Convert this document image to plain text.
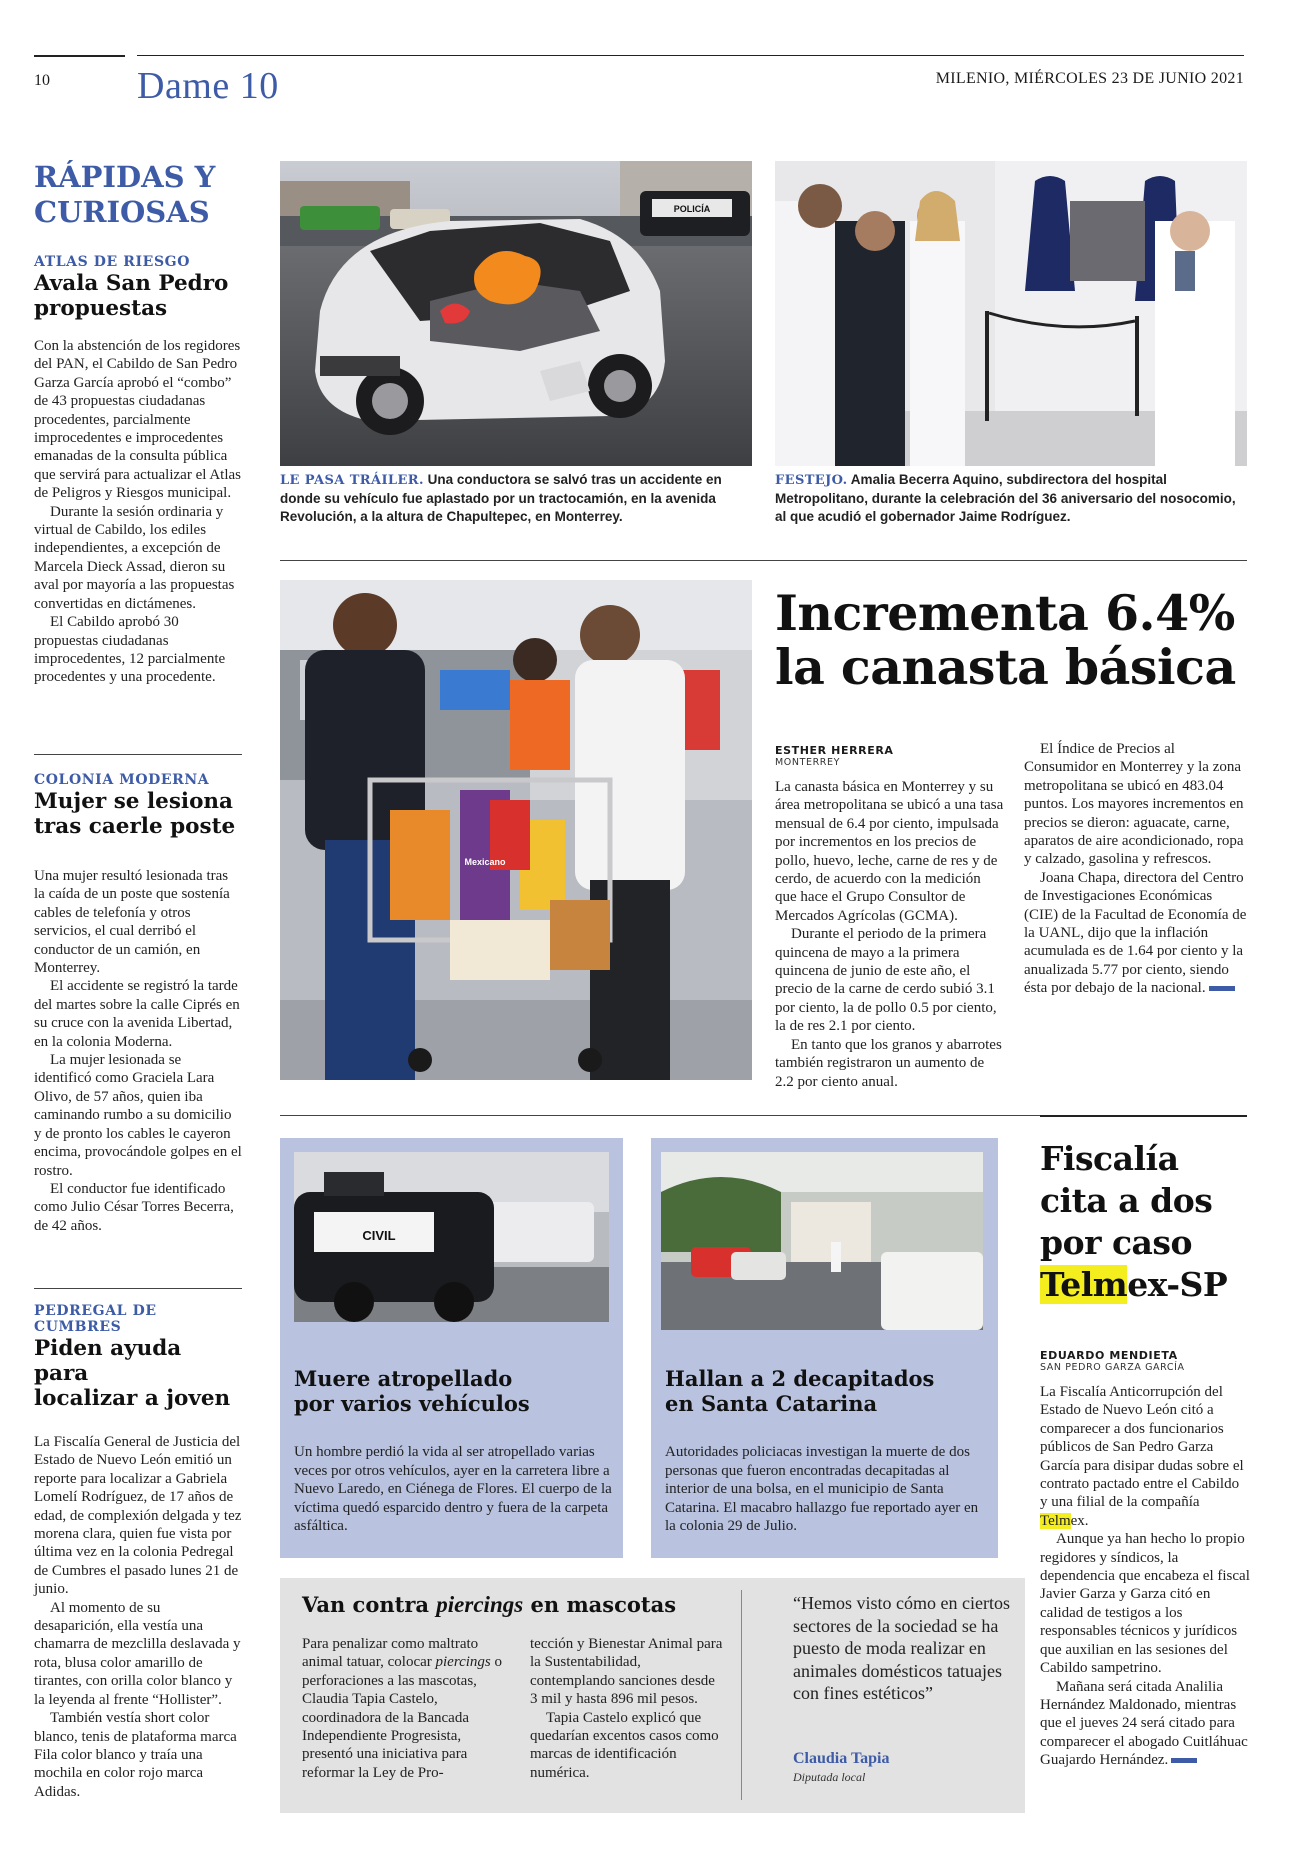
10 Dame 10	MILENIO, MIÉRCOLES 23 DE JUNIO 2021
RÁPIDAS Y
CURIOSAS
ATLAS DE RIESGO
Avala San Pedro
propuestas

Con la abstención de los regidores del PAN, el Cabildo de San Pedro Garza García aprobó el “combo” de 43 propuestas ciudadanas procedentes, parcialmente improcedentes e improcedentes emanadas de la consulta pública que servirá para actualizar el Atlas de Peligros y Riesgos municipal.

Durante la sesión ordinaria y virtual de Cabildo, los ediles independientes, a excepción de Marcela Dieck Assad, dieron su aval por mayoría a las propuestas convertidas en dictámenes.

El Cabildo aprobó 30 propuestas ciudadanas improcedentes, 12 parcialmente procedentes y una procedente.

COLONIA MODERNA
Mujer se lesiona
tras caerle poste

Una mujer resultó lesionada tras la caída de un poste que sostenía cables de telefonía y otros servicios, el cual derribó el conductor de un camión, en Monterrey.

El accidente se registró la tarde del martes sobre la calle Ciprés en su cruce con la avenida Libertad, en la colonia Moderna.

La mujer lesionada se identificó como Graciela Lara Olivo, de 57 años, quien iba caminando rumbo a su domicilio y de pronto los cables le cayeron encima, provocándole golpes en el rostro.

El conductor fue identificado como Julio César Torres Becerra, de 42 años.

PEDREGAL DE CUMBRES
Piden ayuda para
localizar a joven

La Fiscalía General de Justicia del Estado de Nuevo León emitió un reporte para localizar a Gabriela Lomelí Rodríguez, de 17 años de edad, de complexión delgada y tez morena clara, quien fue vista por última vez en la colonia Pedregal de Cumbres el pasado lunes 21 de junio.

Al momento de su desaparición, ella vestía una chamarra de mezclilla deslavada y rota, blusa color amarillo de tirantes, con orilla color blanco y la leyenda al frente “Hollister”.

También vestía short color blanco, tenis de plataforma marca Fila color blanco y traía una mochila en color rojo marca Adidas.

POLICÍA
LE PASA TRÁILER. Una conductora se salvó tras un accidente en donde su vehículo fue aplastado por un tractocamión, en la avenida Revolución, a la altura de Chapultepec, en Monterrey.
FESTEJO. Amalia Becerra Aquino, subdirectora del hospital Metropolitano, durante la celebración del 36 aniversario del nosocomio, al que acudió el gobernador Jaime Rodríguez.
Mexicano
Incrementa 6.4%
la canasta básica
ESTHER HERRERA
MONTERREY

La canasta básica en Monterrey y su área metropolitana se ubicó a una tasa mensual de 6.4 por ciento, impulsada por incrementos en los precios de pollo, huevo, leche, carne de res y de cerdo, de acuerdo con la medición que hace el Grupo Consultor de Mercados Agrícolas (GCMA).

Durante el periodo de la primera quincena de mayo a la primera quincena de junio de este año, el precio de la carne de cerdo subió 3.1 por ciento, la de pollo 0.5 por ciento, la de res 2.1 por ciento.

En tanto que los granos y abarrotes también registraron un aumento de 2.2 por ciento anual.

El Índice de Precios al Consumidor en Monterrey y la zona metropolitana se ubicó en 483.04 puntos. Los mayores incrementos en precios se dieron: aguacate, carne, aparatos de aire acondicionado, ropa y calzado, gasolina y refrescos.

Joana Chapa, directora del Centro de Investigaciones Económicas (CIE) de la Facultad de Economía de la UANL, dijo que la inflación acumulada es de 1.64 por ciento y la anualizada 5.77 por ciento, siendo ésta por debajo de la nacional.

CIVIL
Muere atropellado
por varios vehículos
Un hombre perdió la vida al ser atropellado varias veces por otros vehículos, ayer en la carretera libre a Nuevo Laredo, en Ciénega de Flores. El cuerpo de la víctima quedó esparcido dentro y fuera de la carpeta asfáltica.
Hallan a 2 decapitados
en Santa Catarina
Autoridades policiacas investigan la muerte de dos personas que fueron encontradas decapitadas al interior de una bolsa, en el municipio de Santa Catarina. El macabro hallazgo fue reportado ayer en la colonia 29 de Julio.
Fiscalía
cita a dos
por caso
Telmex-SP
EDUARDO MENDIETA
SAN PEDRO GARZA GARCÍA

La Fiscalía Anticorrupción del Estado de Nuevo León citó a comparecer a dos funcionarios públicos de San Pedro Garza García para disipar dudas sobre el contrato pactado entre el Cabildo y una filial de la compañía Telmex.

Aunque ya han hecho lo propio regidores y síndicos, la dependencia que encabeza el fiscal Javier Garza y Garza citó en calidad de testigos a los responsables técnicos y jurídicos que auxilian en las sesiones del Cabildo sampetrino.

Mañana será citada Analilia Hernández Maldonado, mientras que el jueves 24 será citado para comparecer el abogado Cuitláhuac Guajardo Hernández.

Van contra piercings en mascotas

Para penalizar como maltrato animal tatuar, colocar piercings o perforaciones a las mascotas, Claudia Tapia Castelo, coordinadora de la Bancada Independiente Progresista, presentó una iniciativa para reformar la Ley de Pro-

tección y Bienestar Animal para la Sustentabilidad, contemplando sanciones desde 3 mil y hasta 896 mil pesos.

Tapia Castelo explicó que quedarían excentos casos como marcas de identificación numérica.

“Hemos visto cómo en ciertos sectores de la sociedad se ha puesto de moda realizar en animales domésticos tatuajes con fines estéticos”
Claudia Tapia
Diputada local
